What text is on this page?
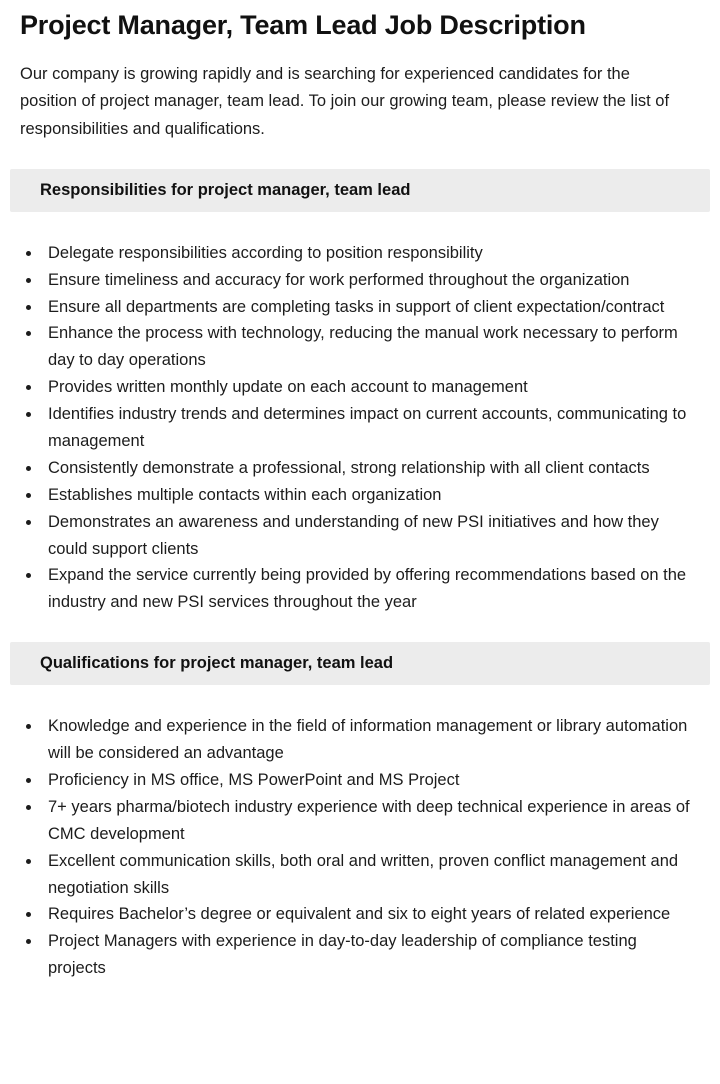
Project Manager, Team Lead Job Description

Our company is growing rapidly and is searching for experienced candidates for the position of project manager, team lead. To join our growing team, please review the list of responsibilities and qualifications.

Responsibilities for project manager, team lead
• Delegate responsibilities according to position responsibility
• Ensure timeliness and accuracy for work performed throughout the organization
• Ensure all departments are completing tasks in support of client expectation/contract
• Enhance the process with technology, reducing the manual work necessary to perform day to day operations
• Provides written monthly update on each account to management
• Identifies industry trends and determines impact on current accounts, communicating to management
• Consistently demonstrate a professional, strong relationship with all client contacts
• Establishes multiple contacts within each organization
• Demonstrates an awareness and understanding of new PSI initiatives and how they could support clients
• Expand the service currently being provided by offering recommendations based on the industry and new PSI services throughout the year
Qualifications for project manager, team lead
• Knowledge and experience in the field of information management or library automation will be considered an advantage
• Proficiency in MS office, MS PowerPoint and MS Project
• 7+ years pharma/biotech industry experience with deep technical experience in areas of CMC development
• Excellent communication skills, both oral and written, proven conflict management and negotiation skills
• Requires Bachelor’s degree or equivalent and six to eight years of related experience
• Project Managers with experience in day-to-day leadership of compliance testing projects
